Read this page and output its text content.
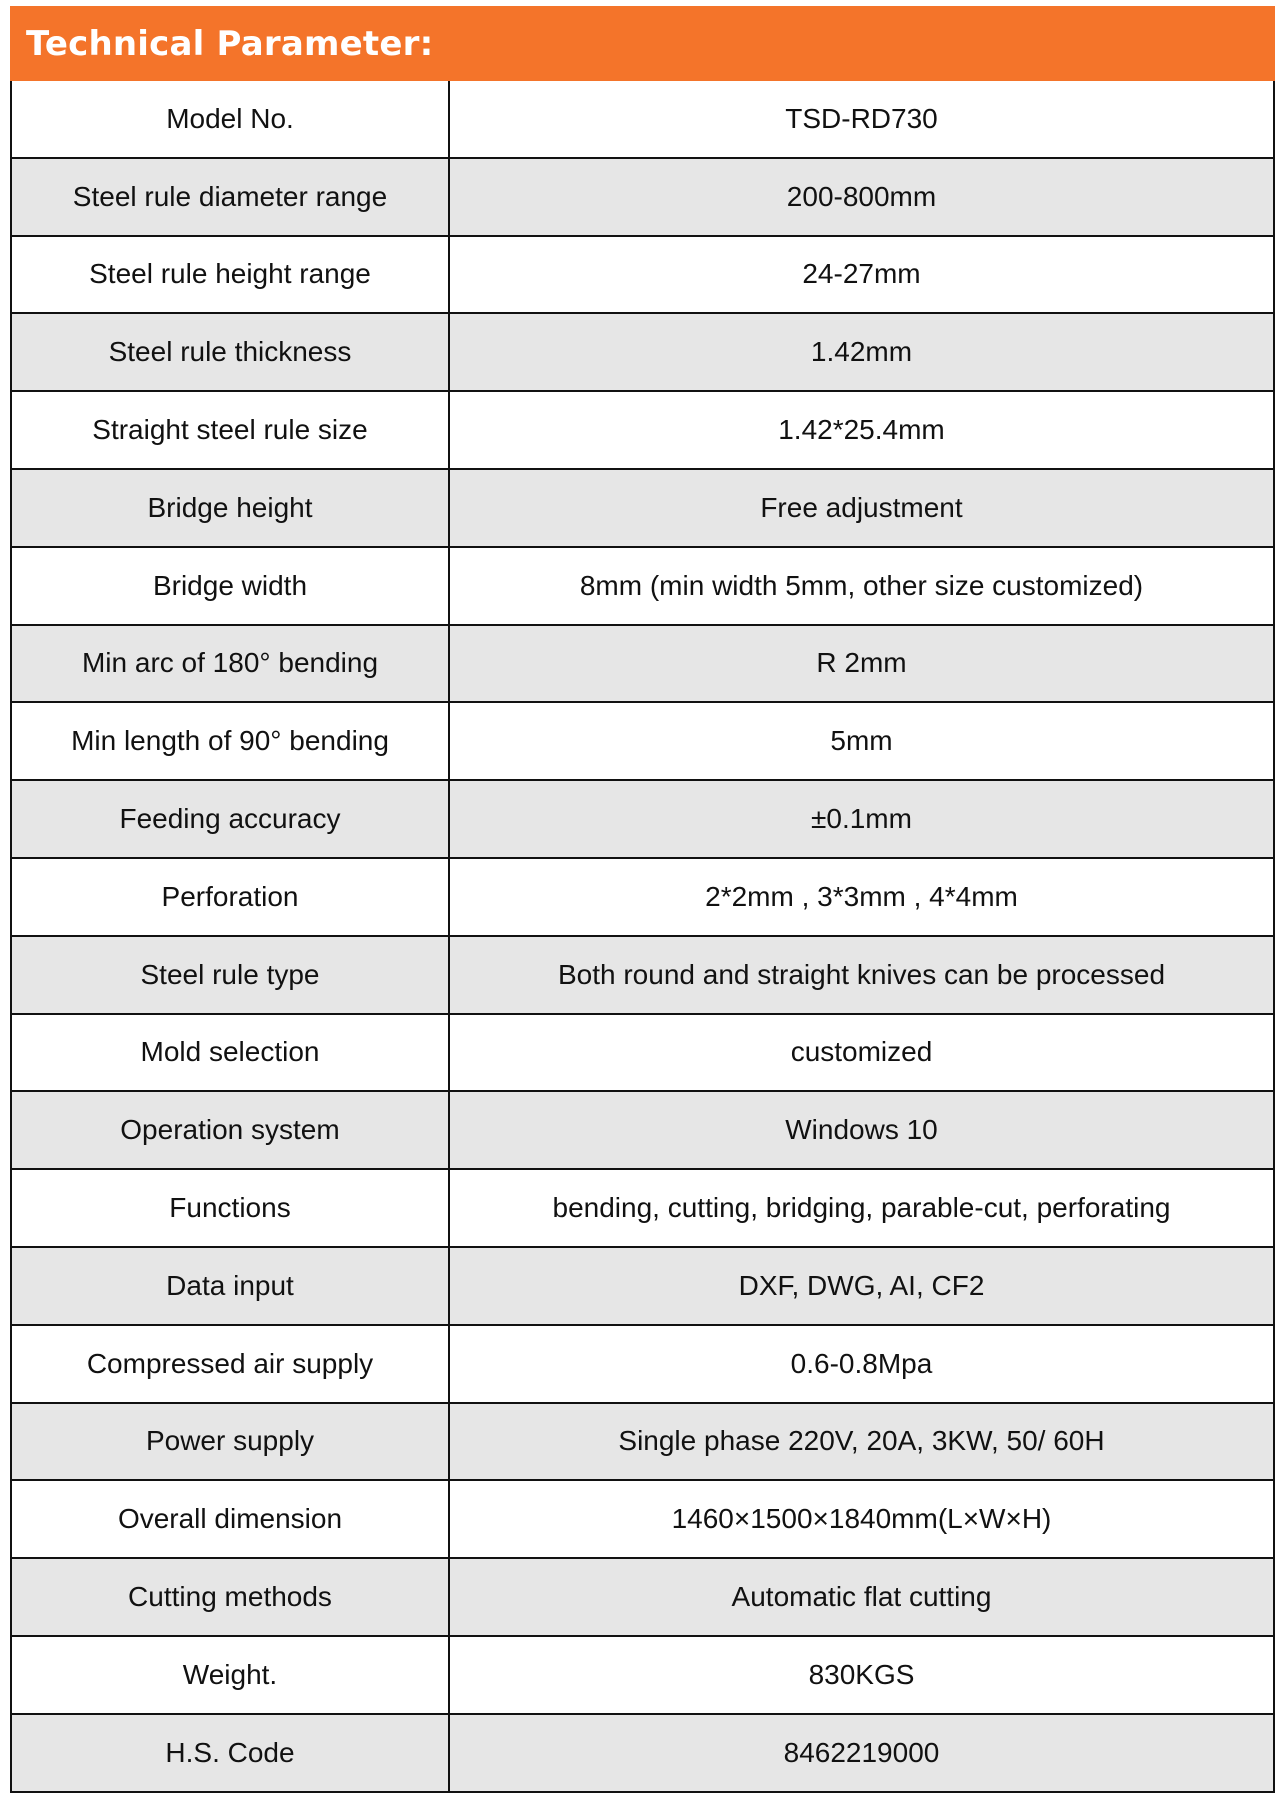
Technical Parameter:
Model No.	TSD-RD730
Steel rule diameter range	200-800mm
Steel rule height range	24-27mm
Steel rule thickness	1.42mm
Straight steel rule size	1.42*25.4mm
Bridge height	Free adjustment
Bridge width	8mm (min width 5mm, other size customized)
Min arc of 180° bending	R 2mm
Min length of 90° bending	5mm
Feeding accuracy	±0.1mm
Perforation	2*2mm , 3*3mm , 4*4mm
Steel rule type	Both round and straight knives can be processed
Mold selection	customized
Operation system	Windows 10
Functions	bending, cutting, bridging, parable-cut, perforating
Data input	DXF, DWG, AI, CF2
Compressed air supply	0.6-0.8Mpa
Power supply	Single phase 220V, 20A, 3KW, 50/ 60H
Overall dimension	1460×1500×1840mm(L×W×H)
Cutting methods	Automatic flat cutting
Weight.	830KGS
H.S. Code	8462219000
